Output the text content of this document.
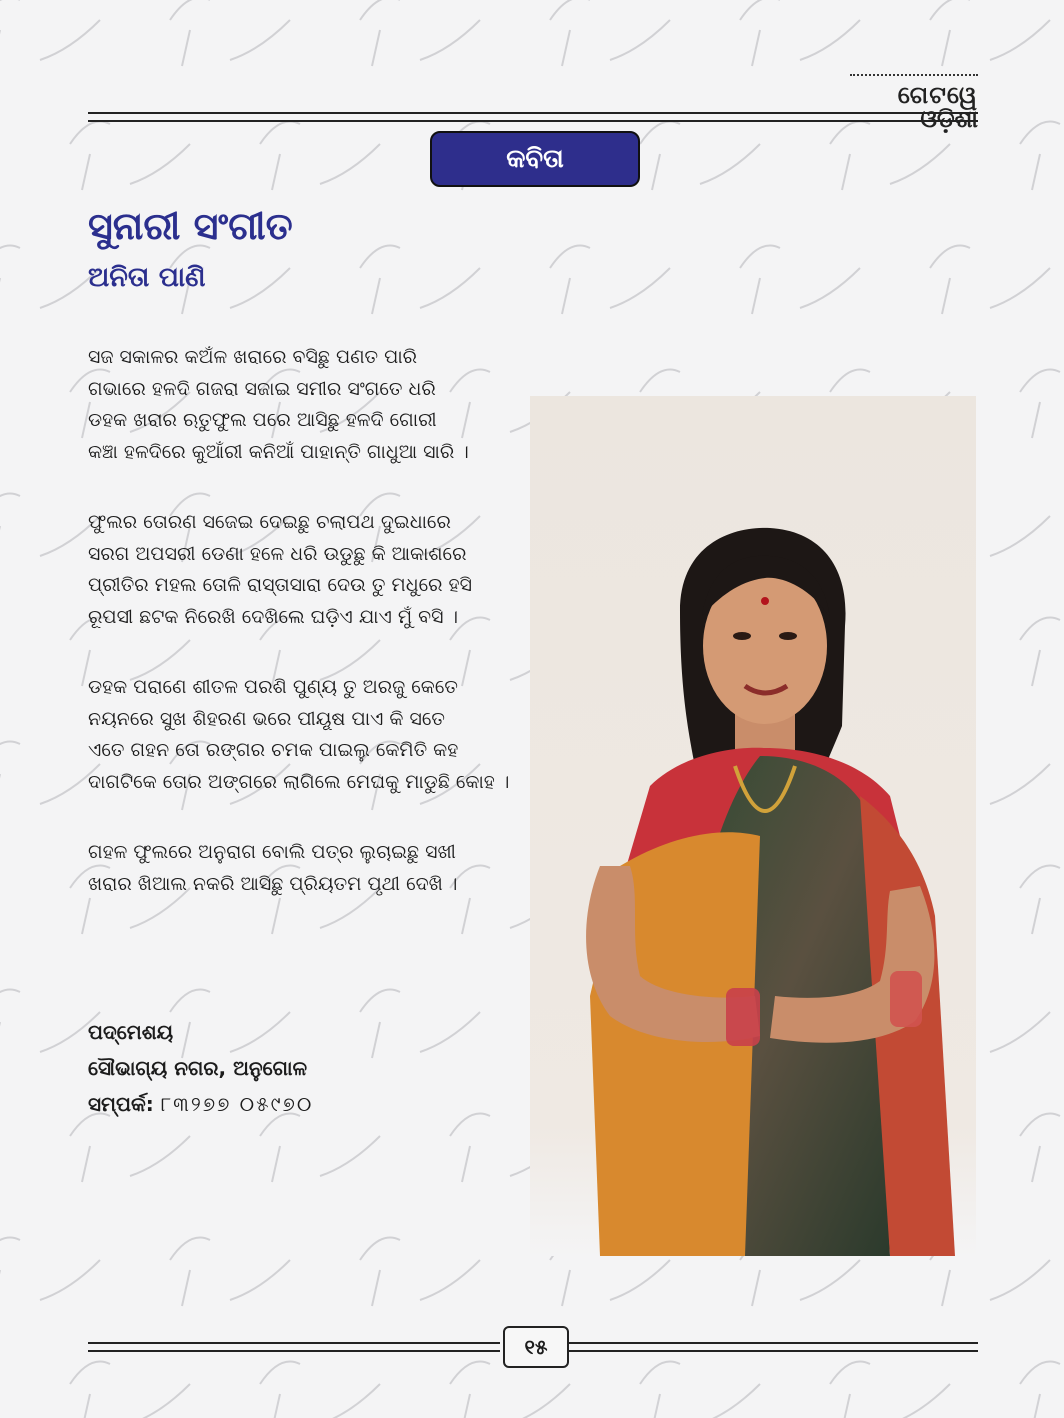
ଗେଟୱେ
ଓଡ଼ିଶା
କବିତା
ସୁନାରୀ ସଂଗୀତ
ଅନିତା ପାଣି
ସଜ ସକାଳର କଅଁଳ ଖରାରେ ବସିଛୁ ପଣତ ପାରି
ଗଭାରେ ହଳଦି ଗଜରା ସଜାଇ ସମୀର ସଂଗତେ ଧରି
ଡହକ ଖରାର ଋତୁଫୁଲ ପରେ ଆସିଛୁ ହଳଦି ଗୋରୀ
କଞ୍ଚା ହଳଦିରେ କୁଆଁରୀ କନିଆଁ ପାହାନ୍ତି ଗାଧୁଆ ସାରି ।
ଫୁଲର ତୋରଣ ସଜେଇ ଦେଇଛୁ ଚଲାପଥ ଦୁଇଧାରେ
ସରଗ ଅପସରୀ ଡେଣା ହଳେ ଧରି ଉଡୁଛୁ କି ଆକାଶରେ
ପ୍ରୀତିର ମହଲ ତୋଳି ରାସ୍ତାସାରା ଦେଉ ତୁ ମଧୁରେ ହସି
ରୂପସୀ ଛଟକ ନିରେଖି ଦେଖିଲେ ଘଡ଼ିଏ ଯାଏ ମୁଁ ବସି ।
ଡହକ ପରାଣେ ଶୀତଳ ପରଶି ପୁଣ୍ୟ ତୁ ଅରଜୁ କେତେ
ନୟନରେ ସୁଖ ଶିହରଣ ଭରେ ପୀୟୂଷ ପାଏ କି ସତେ
ଏତେ ଗହନ ତୋ ରଙ୍ଗର ଚମକ ପାଇଲୁ କେମିତି କହ
ଦାଗଟିକେ ତୋର ଅଙ୍ଗରେ ଲାଗିଲେ ମେଘକୁ ମାଡୁଛି କୋହ ।
ଗହଳ ଫୁଲରେ ଅନୁରାଗ ବୋଲି ପତ୍ର ଲୁଚାଇଛୁ ସଖୀ
ଖରାର ଖିଆଲ ନକରି ଆସିଛୁ ପ୍ରିୟତମ ପୃଥୀ ଦେଖି ।
ପଦ୍ମେଶୟ
ସୌଭାଗ୍ୟ ନଗର, ଅନୁଗୋଳ
ସମ୍ପର୍କ: ୮୩୨୭୭ ୦୫୯୭୦
୧୫
